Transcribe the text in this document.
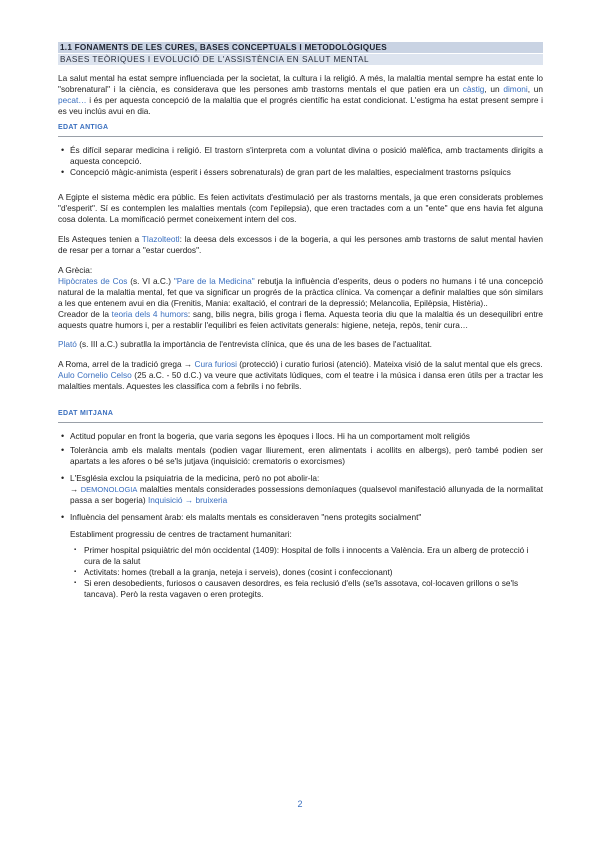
1.1 FONAMENTS DE LES CURES, BASES CONCEPTUALS I METODOLÒGIQUES
BASES TEÒRIQUES I EVOLUCIÓ DE L'ASSISTÈNCIA EN SALUT MENTAL

La salut mental ha estat sempre influenciada per la societat, la cultura i la religió. A més, la malaltia mental sempre ha estat ente lo "sobrenatural" i la ciència, es considerava que les persones amb trastorns mentals el que patien era un càstig, un dimoni, un pecat… i és per aquesta concepció de la malaltia que el progrés científic ha estat condicionat. L'estigma ha estat present sempre i es veu inclús avui en dia.

EDAT ANTIGA
• És difícil separar medicina i religió. El trastorn s'interpreta com a voluntat divina o posició malèfica, amb tractaments dirigits a aquesta concepció.
• Concepció màgic-animista (esperit i éssers sobrenaturals) de gran part de les malalties, especialment trastorns psíquics

A Egipte el sistema mèdic era públic. Es feien activitats d'estimulació per als trastorns mentals, ja que eren considerats problemes "d'esperit". Sí es contemplen les malalties mentals (com l'epilepsia), que eren tractades com a un "ente" que ens havia fet alguna cosa dolenta. La momificació permet coneixement intern del cos.

Els Asteques tenien a Tlazolteotl: la deesa dels excessos i de la bogeria, a qui les persones amb trastorns de salut mental havien de resar per a tornar a "estar cuerdos".

A Grècia:

Hipòcrates de Cos (s. VI a.C.) "Pare de la Medicina" rebutja la influència d'esperits, deus o poders no humans i té una concepció natural de la malaltia mental, fet que va significar un progrés de la pràctica clínica. Va començar a definir malalties que són similars a les que entenem avui en dia (Frenitis, Mania: exaltació, el contrari de la depressió; Melancolia, Epilèpsia, Histèria)..

Creador de la teoria dels 4 humors: sang, bilis negra, bilis groga i flema. Aquesta teoria diu que la malaltia és un desequilibri entre aquests quatre humors i, per a restablir l'equilibri es feien activitats generals: higiene, neteja, repòs, tenir cura…

Plató (s. III a.C.) subratlla la importància de l'entrevista clínica, que és una de les bases de l'actualitat.

A Roma, arrel de la tradició grega → Cura furiosi (protecció) i curatio furiosi (atenció). Mateixa visió de la salut mental que els grecs.

Aulo Cornelio Celso (25 a.C. - 50 d.C.) va veure que activitats lúdiques, com el teatre i la música i dansa eren útils per a tractar les malalties mentals. Aquestes les classifica com a febrils i no febrils.

EDAT MITJANA
• Actitud popular en front la bogeria, que varia segons les èpoques i llocs. Hi ha un comportament molt religiós
• Tolerància amb els malalts mentals (podien vagar lliurement, eren alimentats i acollits en albergs), però també podien ser apartats a les afores o bé se'ls jutjava (inquisició: crematoris o exorcismes)
• L'Església exclou la psiquiatria de la medicina, però no pot abolir-la:
→ DEMONOLOGIA malalties mentals considerades possessions demoníaques (qualsevol manifestació allunyada de la normalitat passa a ser bogeria) Inquisició → bruixeria
• Influència del pensament àrab: els malalts mentals es consideraven "nens protegits socialment"

Establiment progressiu de centres de tractament humanitari:

▪ Primer hospital psiquiàtric del món occidental (1409): Hospital de folls i innocents a València. Era un alberg de protecció i cura de la salut
▪ Activitats: homes (treball a la granja, neteja i serveis), dones (cosint i confeccionant)
▪ Si eren desobedients, furiosos o causaven desordres, es feia reclusió d'ells (se'ls assotava, col·locaven grillons o se'ls tancava). Però la resta vagaven o eren protegits.
2
